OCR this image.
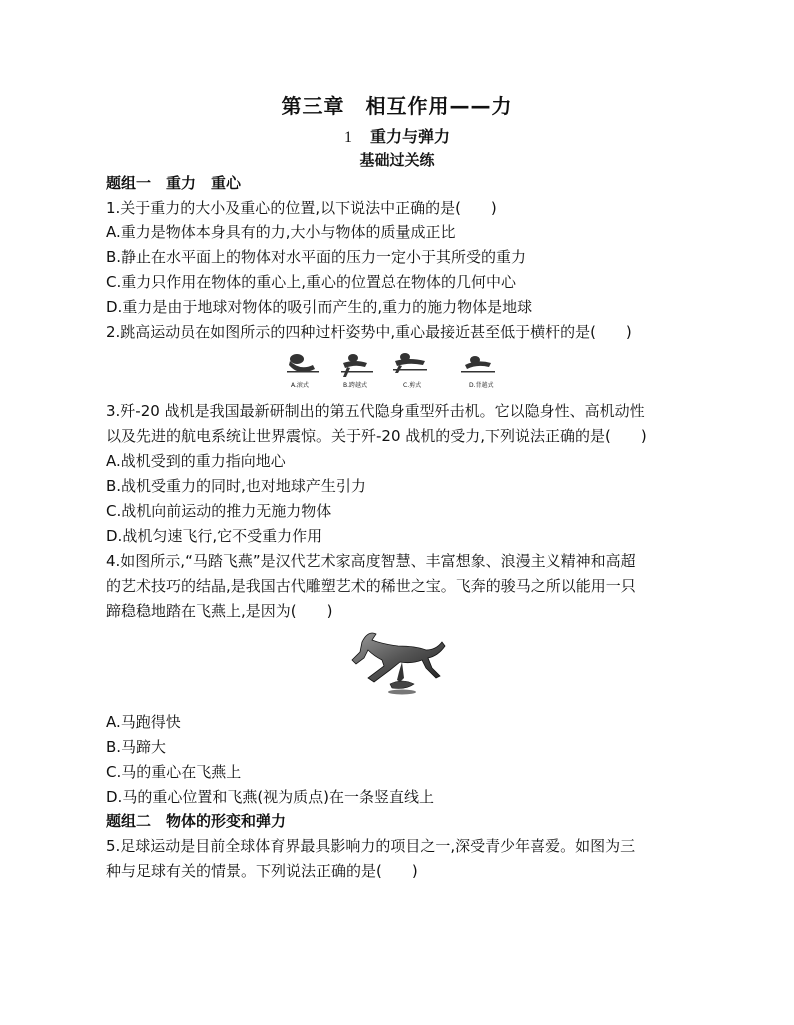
第三章　相互作用——力
1 重力与弹力
基础过关练
题组一　重力　重心
1.关于重力的大小及重心的位置,以下说法中正确的是(　　)
A.重力是物体本身具有的力,大小与物体的质量成正比
B.静止在水平面上的物体对水平面的压力一定小于其所受的重力
C.重力只作用在物体的重心上,重心的位置总在物体的几何中心
D.重力是由于地球对物体的吸引而产生的,重力的施力物体是地球
2.跳高运动员在如图所示的四种过杆姿势中,重心最接近甚至低于横杆的是(　　)
A.滚式	B.跨越式	C.剪式	D.背越式
3.歼-20 战机是我国最新研制出的第五代隐身重型歼击机。它以隐身性、高机动性
以及先进的航电系统让世界震惊。关于歼-20 战机的受力,下列说法正确的是(　　)
A.战机受到的重力指向地心
B.战机受重力的同时,也对地球产生引力
C.战机向前运动的推力无施力物体
D.战机匀速飞行,它不受重力作用
4.如图所示,“马踏飞燕”是汉代艺术家高度智慧、丰富想象、浪漫主义精神和高超
的艺术技巧的结晶,是我国古代雕塑艺术的稀世之宝。飞奔的骏马之所以能用一只
蹄稳稳地踏在飞燕上,是因为(　　)
A.马跑得快
B.马蹄大
C.马的重心在飞燕上
D.马的重心位置和飞燕(视为质点)在一条竖直线上
题组二　物体的形变和弹力
5.足球运动是目前全球体育界最具影响力的项目之一,深受青少年喜爱。如图为三
种与足球有关的情景。下列说法正确的是(　　)
